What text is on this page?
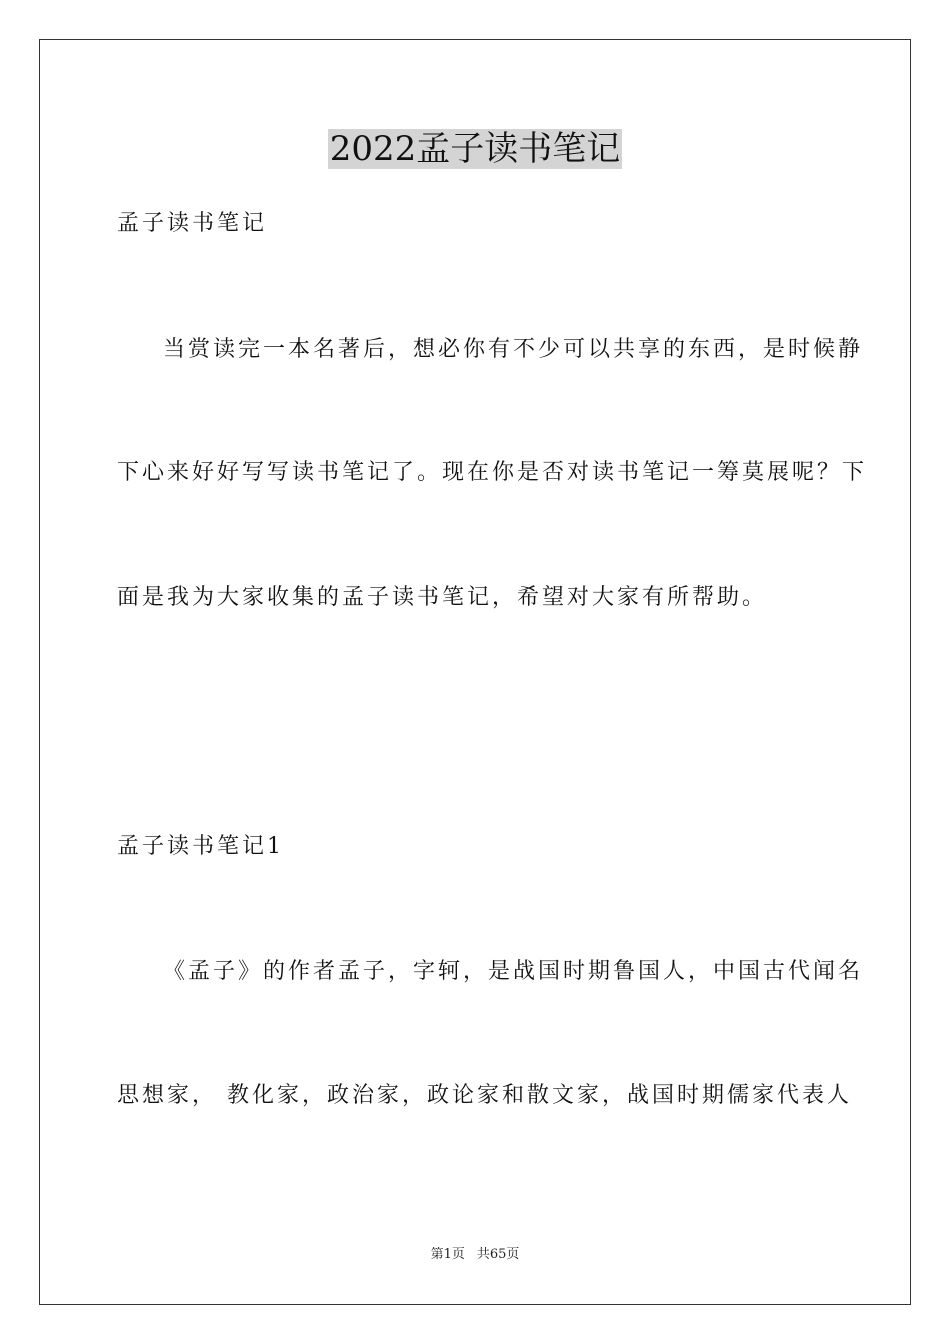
2022孟子读书笔记
孟子读书笔记
当赏读完一本名著后，想必你有不少可以共享的东西，是时候静
下心来好好写写读书笔记了。现在你是否对读书笔记一筹莫展呢？下
面是我为大家收集的孟子读书笔记，希望对大家有所帮助。
孟子读书笔记1
《孟子》的作者孟子，字轲，是战国时期鲁国人，中国古代闻名
思想家， 教化家，政治家，政论家和散文家，战国时期儒家代表人
第1页 共65页
